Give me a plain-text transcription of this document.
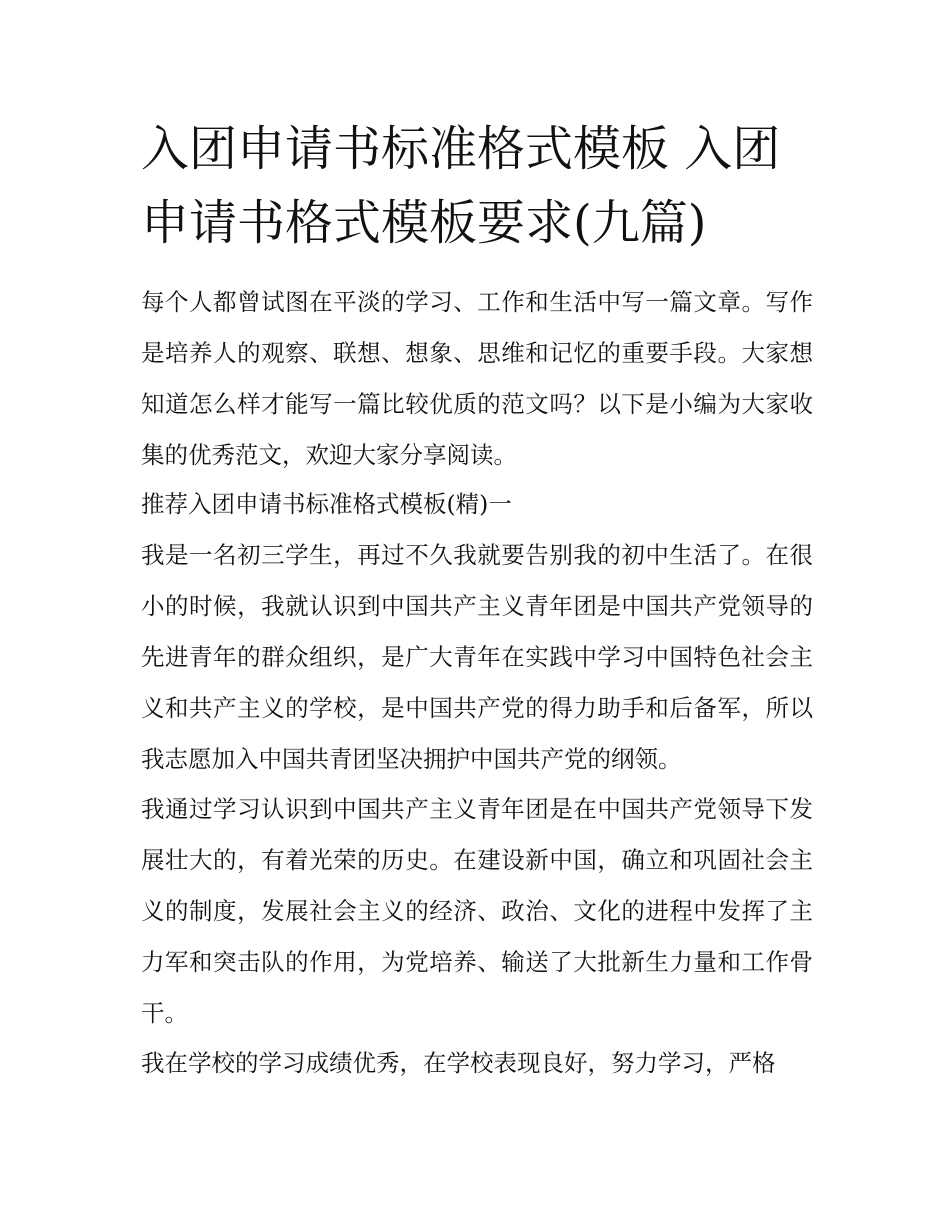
入团申请书标准格式模板 入团申请书格式模板要求(九篇)

每个人都曾试图在平淡的学习、工作和生活中写一篇文章。写作是培养人的观察、联想、想象、思维和记忆的重要手段。大家想知道怎么样才能写一篇比较优质的范文吗？以下是小编为大家收集的优秀范文，欢迎大家分享阅读。

推荐入团申请书标准格式模板(精)一

我是一名初三学生，再过不久我就要告别我的初中生活了。在很小的时候，我就认识到中国共产主义青年团是中国共产党领导的先进青年的群众组织，是广大青年在实践中学习中国特色社会主义和共产主义的学校，是中国共产党的得力助手和后备军，所以我志愿加入中国共青团坚决拥护中国共产党的纲领。

我通过学习认识到中国共产主义青年团是在中国共产党领导下发展壮大的，有着光荣的历史。在建设新中国，确立和巩固社会主义的制度，发展社会主义的经济、政治、文化的进程中发挥了主力军和突击队的作用，为党培养、输送了大批新生力量和工作骨干。

我在学校的学习成绩优秀，在学校表现良好，努力学习，严格
